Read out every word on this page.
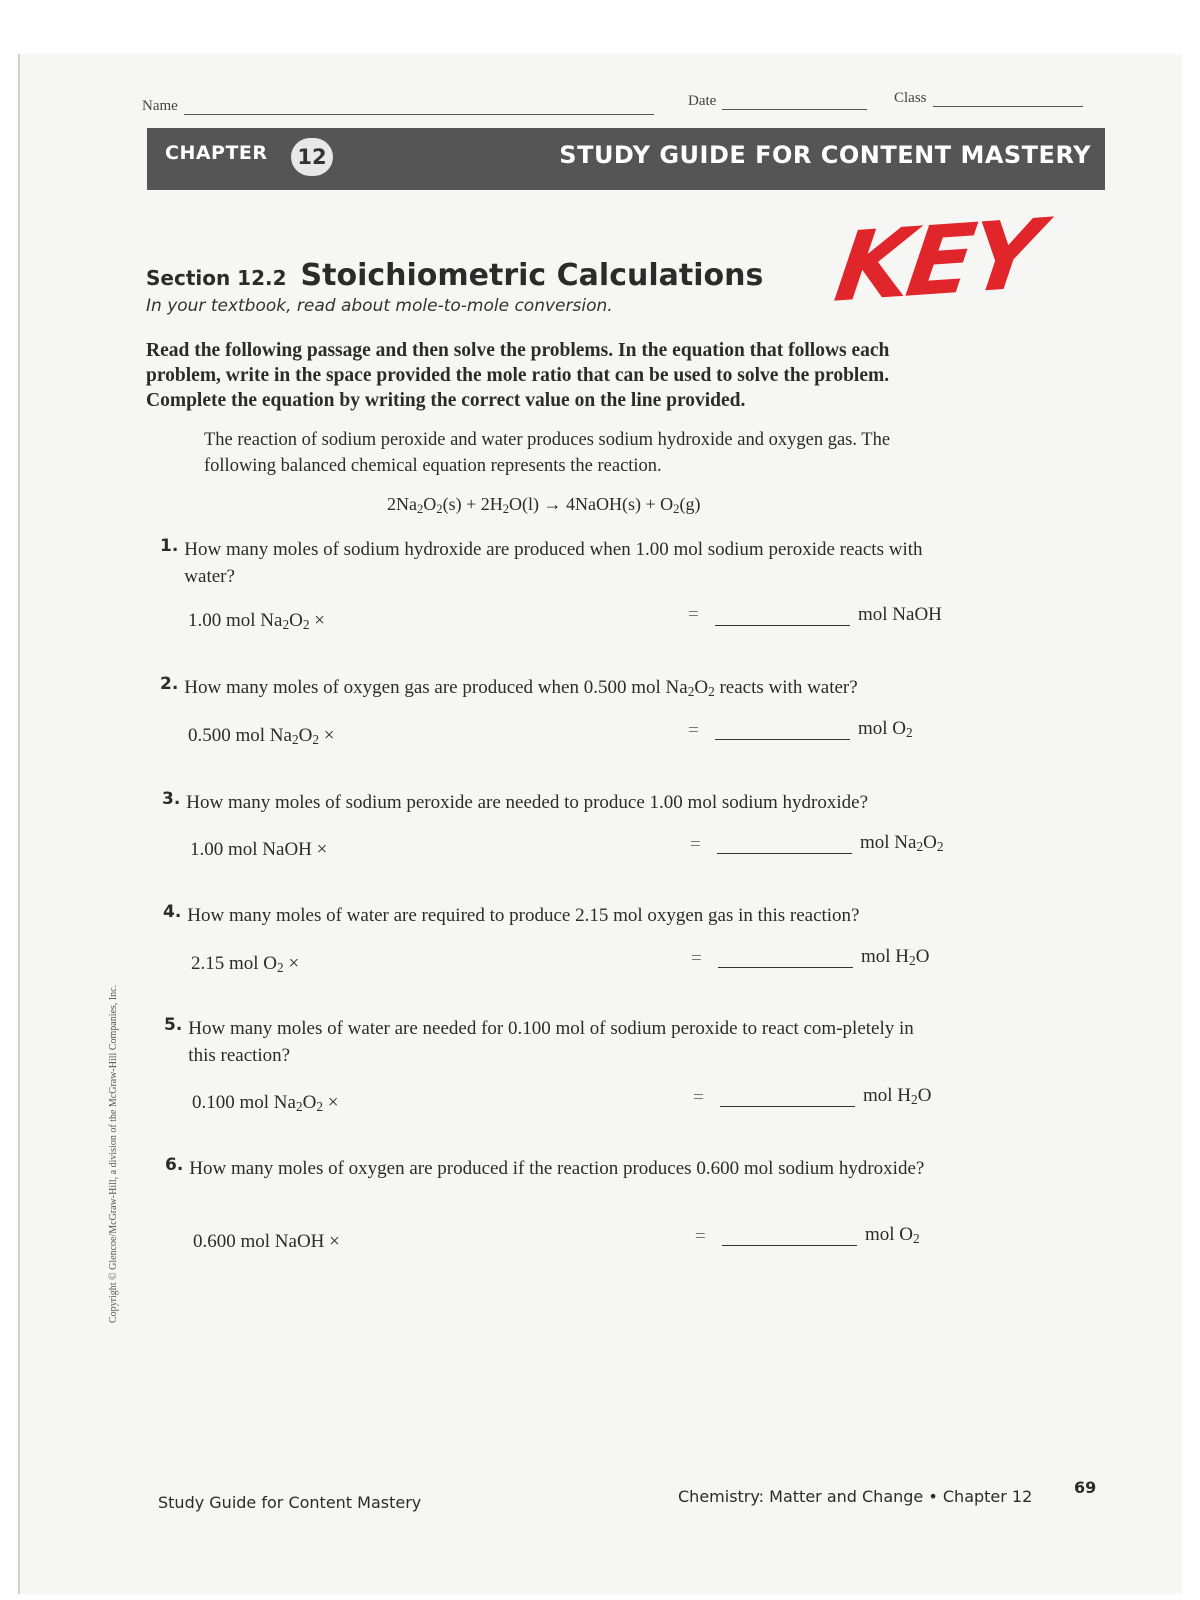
Name	Date	Class
CHAPTER	12	STUDY GUIDE FOR CONTENT MASTERY
KEY
Section 12.2 Stoichiometric Calculations
In your textbook, read about mole-to-mole conversion.
Read the following passage and then solve the problems. In the equation that follows each problem, write in the space provided the mole ratio that can be used to solve the problem. Complete the equation by writing the correct value on the line provided.
The reaction of sodium peroxide and water produces sodium hydroxide and oxygen gas. The following balanced chemical equation represents the reaction.
$2Na_2O_2(s) + 2H_2O(l)$ → 4NaOH(s) + $O_2(g)$
1. How many moles of sodium hydroxide are produced when 1.00 mol sodium peroxide reacts with water?
1.00 mol $Na_2O_2$ ×	=	mol NaOH
2. How many moles of oxygen gas are produced when 0.500 mol $Na_2O_2$ reacts with water?
0.500 mol $Na_2O_2$ ×	=	mol $O_2$
3. How many moles of sodium peroxide are needed to produce 1.00 mol sodium hydroxide?
1.00 mol NaOH ×	=	mol $Na_2O_2$
4. How many moles of water are required to produce 2.15 mol oxygen gas in this reaction?
2.15 mol $O_2$ ×	=	mol $H_2O$
5. How many moles of water are needed for 0.100 mol of sodium peroxide to react com-pletely in this reaction?
0.100 mol $Na_2O_2$ ×	=	mol $H_2O$
6. How many moles of oxygen are produced if the reaction produces 0.600 mol sodium hydroxide?
0.600 mol NaOH ×	=	mol $O_2$
Copyright © Glencoe/McGraw-Hill, a division of the McGraw-Hill Companies, Inc.
Study Guide for Content Mastery	Chemistry: Matter and Change • Chapter 12	69
